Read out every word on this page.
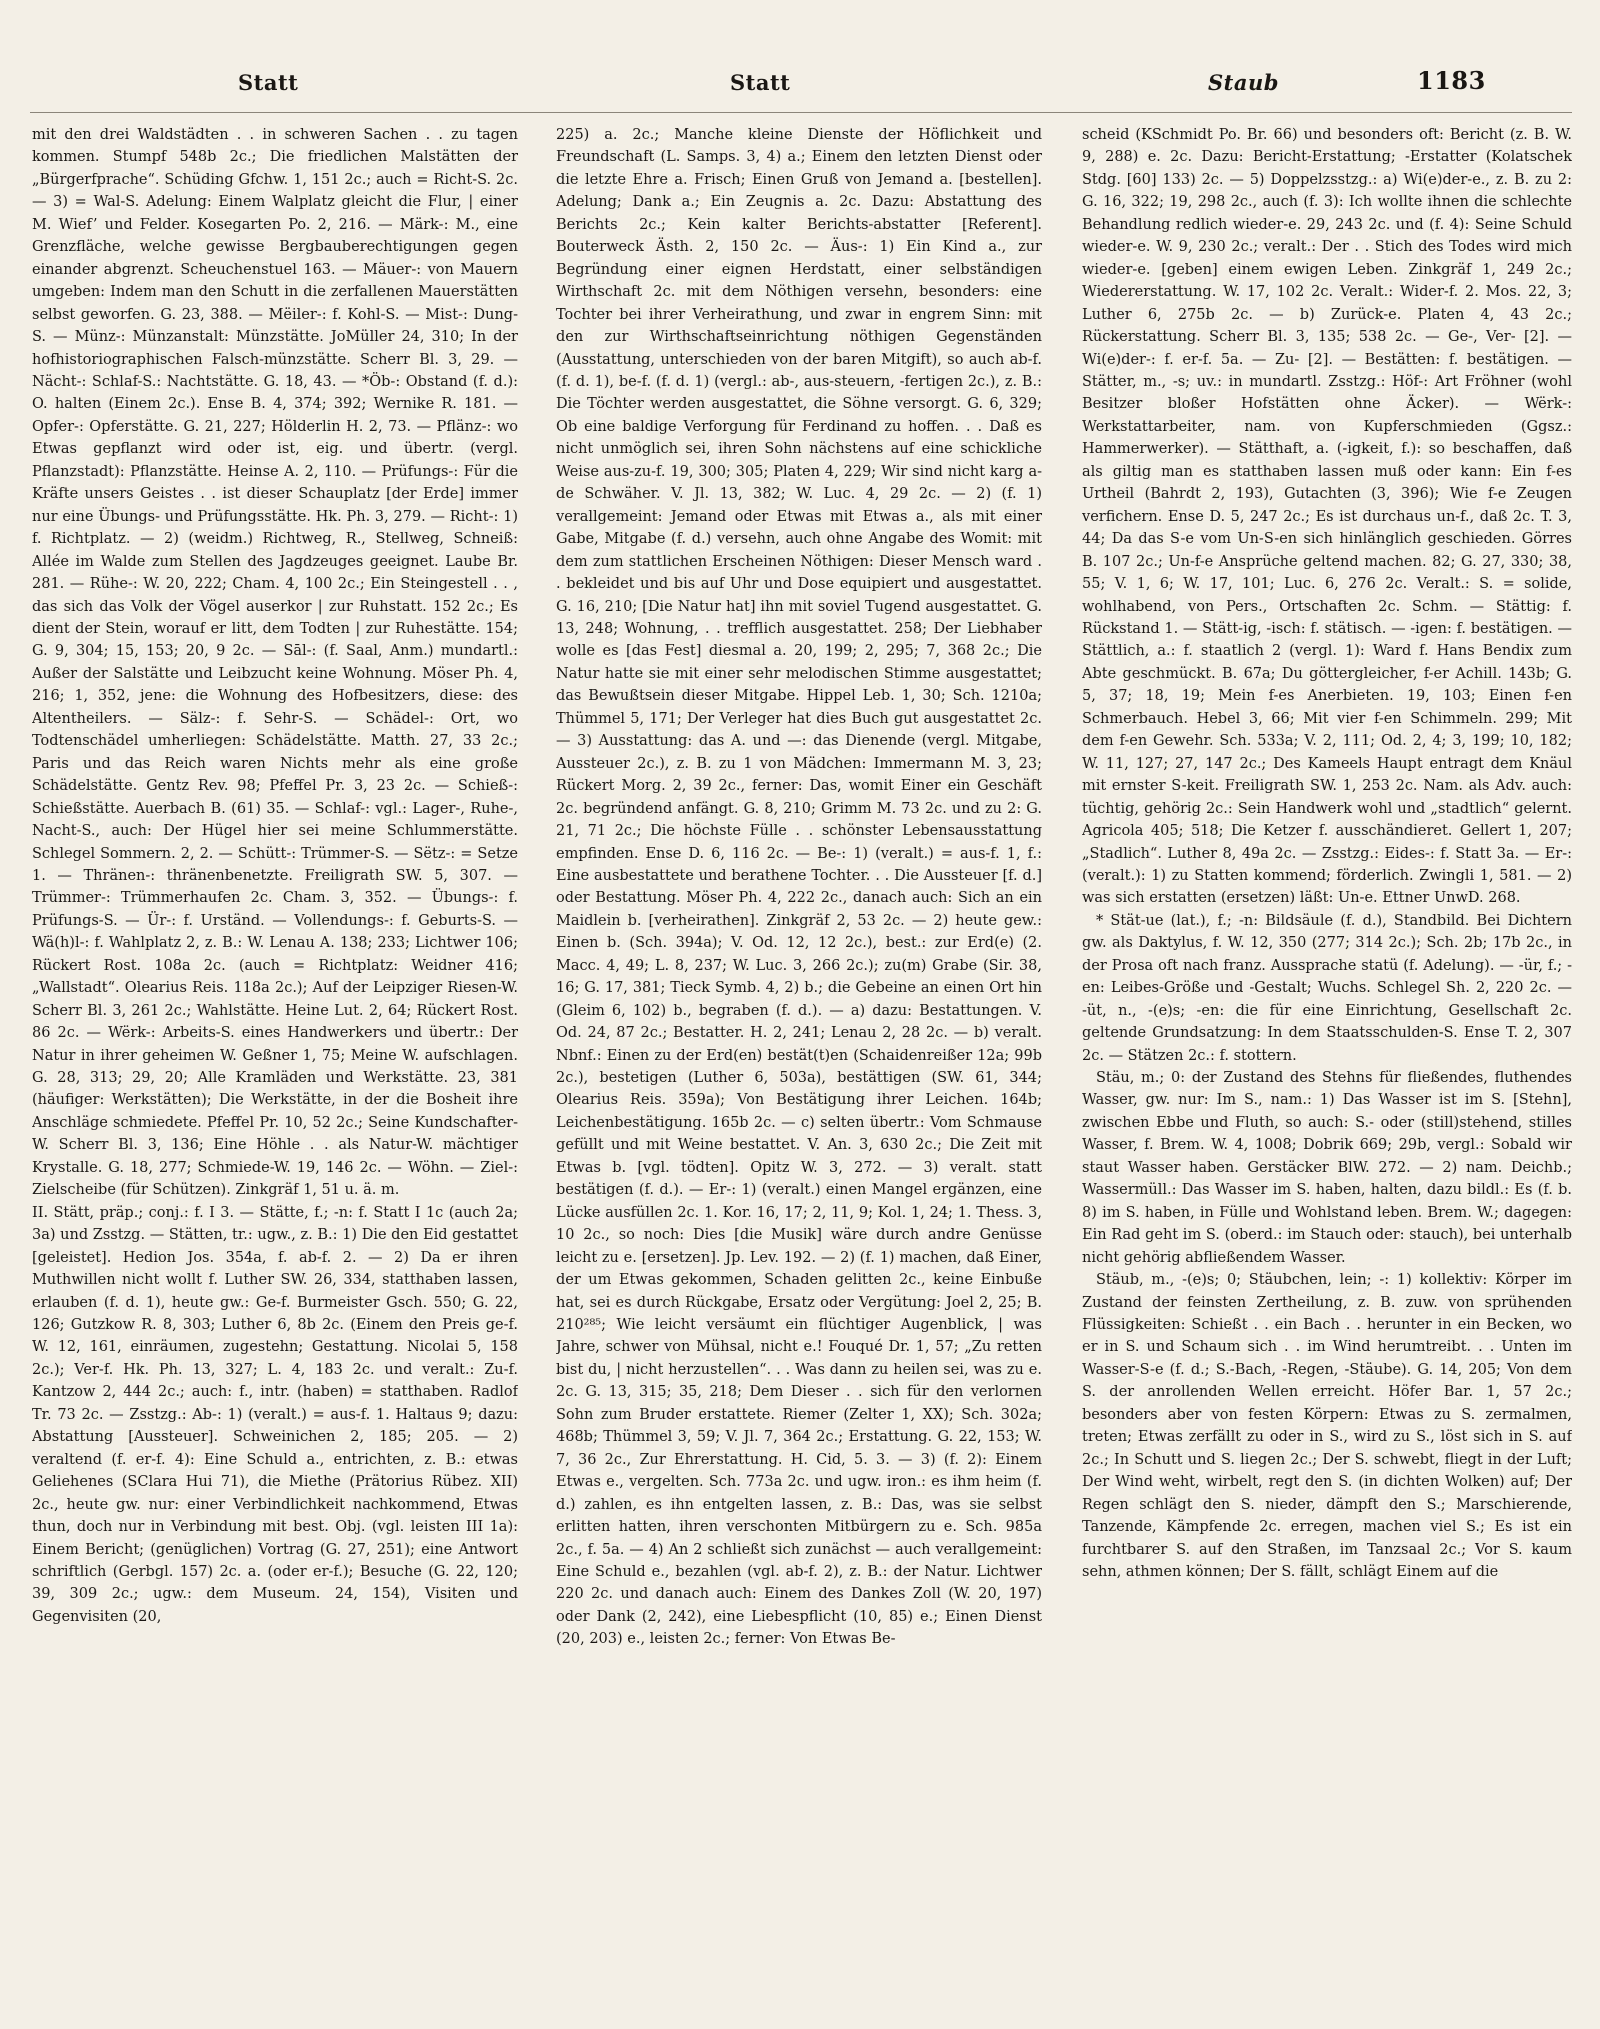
Statt	Statt	Staub	1183

mit den drei Waldstädten . . in schweren Sachen . . zu tagen kommen. Stumpf 548b 2c.; Die friedlichen Malstätten der „Bürgerfprache“. Schüding Gfchw. 1, 151 2c.; auch = Richt-S. 2c. — 3) = Wal-S. Adelung: Einem Walplatz gleicht die Flur, | einer M. Wief’ und Felder. Kosegarten Po. 2, 216. — Märk-: M., eine Grenzfläche, welche gewisse Bergbauberechtigungen gegen einander abgrenzt. Scheuchenstuel 163. — Mäuer-: von Mauern umgeben: Indem man den Schutt in die zerfallenen Mauerstätten selbst geworfen. G. 23, 388. — Mëiler-: f. Kohl-S. — Mist-: Dung-S. — Münz-: Münzanstalt: Münzstätte. JoMüller 24, 310; In der hofhistoriographischen Falsch-münzstätte. Scherr Bl. 3, 29. — Nächt-: Schlaf-S.: Nachtstätte. G. 18, 43. — *Öb-: Obstand (f. d.): O. halten (Einem 2c.). Ense B. 4, 374; 392; Wernike R. 181. — Opfer-: Opferstätte. G. 21, 227; Hölderlin H. 2, 73. — Pflänz-: wo Etwas gepflanzt wird oder ist, eig. und übertr. (vergl. Pflanzstadt): Pflanzstätte. Heinse A. 2, 110. — Prüfungs-: Für die Kräfte unsers Geistes . . ist dieser Schauplatz [der Erde] immer nur eine Übungs- und Prüfungsstätte. Hk. Ph. 3, 279. — Richt-: 1) f. Richtplatz. — 2) (weidm.) Richtweg, R., Stellweg, Schneiß: Allée im Walde zum Stellen des Jagdzeuges geeignet. Laube Br. 281. — Rühe-: W. 20, 222; Cham. 4, 100 2c.; Ein Steingestell . . , das sich das Volk der Vögel auserkor | zur Ruhstatt. 152 2c.; Es dient der Stein, worauf er litt, dem Todten | zur Ruhestätte. 154; G. 9, 304; 15, 153; 20, 9 2c. — Sāl-: (f. Saal, Anm.) mundartl.: Außer der Salstätte und Leibzucht keine Wohnung. Möser Ph. 4, 216; 1, 352, jene: die Wohnung des Hofbesitzers, diese: des Altentheilers. — Sälz-: f. Sehr-S. — Schädel-: Ort, wo Todtenschädel umherliegen: Schädelstätte. Matth. 27, 33 2c.; Paris und das Reich waren Nichts mehr als eine große Schädelstätte. Gentz Rev. 98; Pfeffel Pr. 3, 23 2c. — Schieß-: Schießstätte. Auerbach B. (61) 35. — Schlaf-: vgl.: Lager-, Ruhe-, Nacht-S., auch: Der Hügel hier sei meine Schlummerstätte. Schlegel Sommern. 2, 2. — Schütt-: Trümmer-S. — Sëtz-: = Setze 1. — Thränen-: thränenbenetzte. Freiligrath SW. 5, 307. — Trümmer-: Trümmerhaufen 2c. Cham. 3, 352. — Übungs-: f. Prüfungs-S. — Ür-: f. Urständ. — Vollendungs-: f. Geburts-S. — Wä(h)l-: f. Wahlplatz 2, z. B.: W. Lenau A. 138; 233; Lichtwer 106; Rückert Rost. 108a 2c. (auch = Richtplatz: Weidner 416; „Wallstadt“. Olearius Reis. 118a 2c.); Auf der Leipziger Riesen-W. Scherr Bl. 3, 261 2c.; Wahlstätte. Heine Lut. 2, 64; Rückert Rost. 86 2c. — Wërk-: Arbeits-S. eines Handwerkers und übertr.: Der Natur in ihrer geheimen W. Geßner 1, 75; Meine W. aufschlagen. G. 28, 313; 29, 20; Alle Kramläden und Werkstätte. 23, 381 (häufiger: Werkstätten); Die Werkstätte, in der die Bosheit ihre Anschläge schmiedete. Pfeffel Pr. 10, 52 2c.; Seine Kundschafter-W. Scherr Bl. 3, 136; Eine Höhle . . als Natur-W. mächtiger Krystalle. G. 18, 277; Schmiede-W. 19, 146 2c. — Wöhn. — Ziel-: Zielscheibe (für Schützen). Zinkgräf 1, 51 u. ä. m.

II. Stätt, präp.; conj.: f. I 3. — Stätte, f.; -n: f. Statt I 1c (auch 2a; 3a) und Zsstzg. — Stätten, tr.: ugw., z. B.: 1) Die den Eid gestattet [geleistet]. Hedion Jos. 354a, f. ab-f. 2. — 2) Da er ihren Muthwillen nicht wollt f. Luther SW. 26, 334, statthaben lassen, erlauben (f. d. 1), heute gw.: Ge-f. Burmeister Gsch. 550; G. 22, 126; Gutzkow R. 8, 303; Luther 6, 8b 2c. (Einem den Preis ge-f. W. 12, 161, einräumen, zugestehn; Gestattung. Nicolai 5, 158 2c.); Ver-f. Hk. Ph. 13, 327; L. 4, 183 2c. und veralt.: Zu-f. Kantzow 2, 444 2c.; auch: f., intr. (haben) = statthaben. Radlof Tr. 73 2c. — Zsstzg.: Ab-: 1) (veralt.) = aus-f. 1. Haltaus 9; dazu: Abstattung [Aussteuer]. Schweinichen 2, 185; 205. — 2) veraltend (f. er-f. 4): Eine Schuld a., entrichten, z. B.: etwas Geliehenes (SClara Hui 71), die Miethe (Prätorius Rübez. XII) 2c., heute gw. nur: einer Verbindlichkeit nachkommend, Etwas thun, doch nur in Verbindung mit best. Obj. (vgl. leisten III 1a): Einem Bericht; (genüglichen) Vortrag (G. 27, 251); eine Antwort schriftlich (Gerbgl. 157) 2c. a. (oder er-f.); Besuche (G. 22, 120; 39, 309 2c.; ugw.: dem Museum. 24, 154), Visiten und Gegenvisiten (20,

225) a. 2c.; Manche kleine Dienste der Höflichkeit und Freundschaft (L. Samps. 3, 4) a.; Einem den letzten Dienst oder die letzte Ehre a. Frisch; Einen Gruß von Jemand a. [bestellen]. Adelung; Dank a.; Ein Zeugnis a. 2c. Dazu: Abstattung des Berichts 2c.; Kein kalter Berichts-abstatter [Referent]. Bouterweck Ästh. 2, 150 2c. — Äus-: 1) Ein Kind a., zur Begründung einer eignen Herdstatt, einer selbständigen Wirthschaft 2c. mit dem Nöthigen versehn, besonders: eine Tochter bei ihrer Verheirathung, und zwar in engrem Sinn: mit den zur Wirthschaftseinrichtung nöthigen Gegenständen (Ausstattung, unterschieden von der baren Mitgift), so auch ab-f. (f. d. 1), be-f. (f. d. 1) (vergl.: ab-, aus-steuern, -fertigen 2c.), z. B.: Die Töchter werden ausgestattet, die Söhne versorgt. G. 6, 329; Ob eine baldige Verforgung für Ferdinand zu hoffen. . . Daß es nicht unmöglich sei, ihren Sohn nächstens auf eine schickliche Weise aus-zu-f. 19, 300; 305; Platen 4, 229; Wir sind nicht karg a-de Schwäher. V. Jl. 13, 382; W. Luc. 4, 29 2c. — 2) (f. 1) verallgemeint: Jemand oder Etwas mit Etwas a., als mit einer Gabe, Mitgabe (f. d.) versehn, auch ohne Angabe des Womit: mit dem zum stattlichen Erscheinen Nöthigen: Dieser Mensch ward . . bekleidet und bis auf Uhr und Dose equipiert und ausgestattet. G. 16, 210; [Die Natur hat] ihn mit soviel Tugend ausgestattet. G. 13, 248; Wohnung, . . trefflich ausgestattet. 258; Der Liebhaber wolle es [das Fest] diesmal a. 20, 199; 2, 295; 7, 368 2c.; Die Natur hatte sie mit einer sehr melodischen Stimme ausgestattet; das Bewußtsein dieser Mitgabe. Hippel Leb. 1, 30; Sch. 1210a; Thümmel 5, 171; Der Verleger hat dies Buch gut ausgestattet 2c. — 3) Ausstattung: das A. und —: das Dienende (vergl. Mitgabe, Aussteuer 2c.), z. B. zu 1 von Mädchen: Immermann M. 3, 23; Rückert Morg. 2, 39 2c., ferner: Das, womit Einer ein Geschäft 2c. begründend anfängt. G. 8, 210; Grimm M. 73 2c. und zu 2: G. 21, 71 2c.; Die höchste Fülle . . schönster Lebensausstattung empfinden. Ense D. 6, 116 2c. — Be-: 1) (veralt.) = aus-f. 1, f.: Eine ausbestattete und berathene Tochter. . . Die Aussteuer [f. d.] oder Bestattung. Möser Ph. 4, 222 2c., danach auch: Sich an ein Maidlein b. [verheirathen]. Zinkgräf 2, 53 2c. — 2) heute gew.: Einen b. (Sch. 394a); V. Od. 12, 12 2c.), best.: zur Erd(e) (2. Macc. 4, 49; L. 8, 237; W. Luc. 3, 266 2c.); zu(m) Grabe (Sir. 38, 16; G. 17, 381; Tieck Symb. 4, 2) b.; die Gebeine an einen Ort hin (Gleim 6, 102) b., begraben (f. d.). — a) dazu: Bestattungen. V. Od. 24, 87 2c.; Bestatter. H. 2, 241; Lenau 2, 28 2c. — b) veralt. Nbnf.: Einen zu der Erd(en) bestät(t)en (Schaidenreißer 12a; 99b 2c.), bestetigen (Luther 6, 503a), bestättigen (SW. 61, 344; Olearius Reis. 359a); Von Bestätigung ihrer Leichen. 164b; Leichenbestätigung. 165b 2c. — c) selten übertr.: Vom Schmause gefüllt und mit Weine bestattet. V. An. 3, 630 2c.; Die Zeit mit Etwas b. [vgl. tödten]. Opitz W. 3, 272. — 3) veralt. statt bestätigen (f. d.). — Er-: 1) (veralt.) einen Mangel ergänzen, eine Lücke ausfüllen 2c. 1. Kor. 16, 17; 2, 11, 9; Kol. 1, 24; 1. Thess. 3, 10 2c., so noch: Dies [die Musik] wäre durch andre Genüsse leicht zu e. [ersetzen]. Jp. Lev. 192. — 2) (f. 1) machen, daß Einer, der um Etwas gekommen, Schaden gelitten 2c., keine Einbuße hat, sei es durch Rückgabe, Ersatz oder Vergütung: Joel 2, 25; B. 210²⁸⁵; Wie leicht versäumt ein flüchtiger Augenblick, | was Jahre, schwer von Mühsal, nicht e.! Fouqué Dr. 1, 57; „Zu retten bist du, | nicht herzustellen“. . . Was dann zu heilen sei, was zu e. 2c. G. 13, 315; 35, 218; Dem Dieser . . sich für den verlornen Sohn zum Bruder erstattete. Riemer (Zelter 1, XX); Sch. 302a; 468b; Thümmel 3, 59; V. Jl. 7, 364 2c.; Erstattung. G. 22, 153; W. 7, 36 2c., Zur Ehrerstattung. H. Cid, 5. 3. — 3) (f. 2): Einem Etwas e., vergelten. Sch. 773a 2c. und ugw. iron.: es ihm heim (f. d.) zahlen, es ihn entgelten lassen, z. B.: Das, was sie selbst erlitten hatten, ihren verschonten Mitbürgern zu e. Sch. 985a 2c., f. 5a. — 4) An 2 schließt sich zunächst — auch verallgemeint: Eine Schuld e., bezahlen (vgl. ab-f. 2), z. B.: der Natur. Lichtwer 220 2c. und danach auch: Einem des Dankes Zoll (W. 20, 197) oder Dank (2, 242), eine Liebespflicht (10, 85) e.; Einen Dienst (20, 203) e., leisten 2c.; ferner: Von Etwas Be-

scheid (KSchmidt Po. Br. 66) und besonders oft: Bericht (z. B. W. 9, 288) e. 2c. Dazu: Bericht-Erstattung; -Erstatter (Kolatschek Stdg. [60] 133) 2c. — 5) Doppelzsstzg.: a) Wi(e)der-e., z. B. zu 2: G. 16, 322; 19, 298 2c., auch (f. 3): Ich wollte ihnen die schlechte Behandlung redlich wieder-e. 29, 243 2c. und (f. 4): Seine Schuld wieder-e. W. 9, 230 2c.; veralt.: Der . . Stich des Todes wird mich wieder-e. [geben] einem ewigen Leben. Zinkgräf 1, 249 2c.; Wiedererstattung. W. 17, 102 2c. Veralt.: Wider-f. 2. Mos. 22, 3; Luther 6, 275b 2c. — b) Zurück-e. Platen 4, 43 2c.; Rückerstattung. Scherr Bl. 3, 135; 538 2c. — Ge-, Ver- [2]. — Wi(e)der-: f. er-f. 5a. — Zu- [2]. — Bestätten: f. bestätigen. — Stätter, m., -s; uv.: in mundartl. Zsstzg.: Höf-: Art Fröhner (wohl Besitzer bloßer Hofstätten ohne Äcker). — Wërk-: Werkstattarbeiter, nam. von Kupferschmieden (Ggsz.: Hammerwerker). — Stätthaft, a. (-igkeit, f.): so beschaffen, daß als giltig man es statthaben lassen muß oder kann: Ein f-es Urtheil (Bahrdt 2, 193), Gutachten (3, 396); Wie f-e Zeugen verfichern. Ense D. 5, 247 2c.; Es ist durchaus un-f., daß 2c. T. 3, 44; Da das S-e vom Un-S-en sich hinlänglich geschieden. Görres B. 107 2c.; Un-f-e Ansprüche geltend machen. 82; G. 27, 330; 38, 55; V. 1, 6; W. 17, 101; Luc. 6, 276 2c. Veralt.: S. = solide, wohlhabend, von Pers., Ortschaften 2c. Schm. — Stättig: f. Rückstand 1. — Stätt-ig, -isch: f. stätisch. — -igen: f. bestätigen. — Stättlich, a.: f. staatlich 2 (vergl. 1): Ward f. Hans Bendix zum Abte geschmückt. B. 67a; Du göttergleicher, f-er Achill. 143b; G. 5, 37; 18, 19; Mein f-es Anerbieten. 19, 103; Einen f-en Schmerbauch. Hebel 3, 66; Mit vier f-en Schimmeln. 299; Mit dem f-en Gewehr. Sch. 533a; V. 2, 111; Od. 2, 4; 3, 199; 10, 182; W. 11, 127; 27, 147 2c.; Des Kameels Haupt entragt dem Knäul mit ernster S-keit. Freiligrath SW. 1, 253 2c. Nam. als Adv. auch: tüchtig, gehörig 2c.: Sein Handwerk wohl und „stadtlich“ gelernt. Agricola 405; 518; Die Ketzer f. ausschändieret. Gellert 1, 207; „Stadlich“. Luther 8, 49a 2c. — Zsstzg.: Eides-: f. Statt 3a. — Er-: (veralt.): 1) zu Statten kommend; förderlich. Zwingli 1, 581. — 2) was sich erstatten (ersetzen) läßt: Un-e. Ettner UnwD. 268.

* Stät-ue (lat.), f.; -n: Bildsäule (f. d.), Standbild. Bei Dichtern gw. als Daktylus, f. W. 12, 350 (277; 314 2c.); Sch. 2b; 17b 2c., in der Prosa oft nach franz. Aussprache statü (f. Adelung). — -ür, f.; -en: Leibes-Größe und -Gestalt; Wuchs. Schlegel Sh. 2, 220 2c. — -üt, n., -(e)s; -en: die für eine Einrichtung, Gesellschaft 2c. geltende Grundsatzung: In dem Staatsschulden-S. Ense T. 2, 307 2c. — Stätzen 2c.: f. stottern.

Stäu, m.; 0: der Zustand des Stehns für fließendes, fluthendes Wasser, gw. nur: Im S., nam.: 1) Das Wasser ist im S. [Stehn], zwischen Ebbe und Fluth, so auch: S.- oder (still)stehend, stilles Wasser, f. Brem. W. 4, 1008; Dobrik 669; 29b, vergl.: Sobald wir staut Wasser haben. Gerstäcker BlW. 272. — 2) nam. Deichb.; Wassermüll.: Das Wasser im S. haben, halten, dazu bildl.: Es (f. b. 8) im S. haben, in Fülle und Wohlstand leben. Brem. W.; dagegen: Ein Rad geht im S. (oberd.: im Stauch oder: stauch), bei unterhalb nicht gehörig abfließendem Wasser.

Stäub, m., -(e)s; 0; Stäubchen, lein; -: 1) kollektiv: Körper im Zustand der feinsten Zertheilung, z. B. zuw. von sprühenden Flüssigkeiten: Schießt . . ein Bach . . herunter in ein Becken, wo er in S. und Schaum sich . . im Wind herumtreibt. . . Unten im Wasser-S-e (f. d.; S.-Bach, -Regen, -Stäube). G. 14, 205; Von dem S. der anrollenden Wellen erreicht. Höfer Bar. 1, 57 2c.; besonders aber von festen Körpern: Etwas zu S. zermalmen, treten; Etwas zerfällt zu oder in S., wird zu S., löst sich in S. auf 2c.; In Schutt und S. liegen 2c.; Der S. schwebt, fliegt in der Luft; Der Wind weht, wirbelt, regt den S. (in dichten Wolken) auf; Der Regen schlägt den S. nieder, dämpft den S.; Marschierende, Tanzende, Kämpfende 2c. erregen, machen viel S.; Es ist ein furchtbarer S. auf den Straßen, im Tanzsaal 2c.; Vor S. kaum sehn, athmen können; Der S. fällt, schlägt Einem auf die
